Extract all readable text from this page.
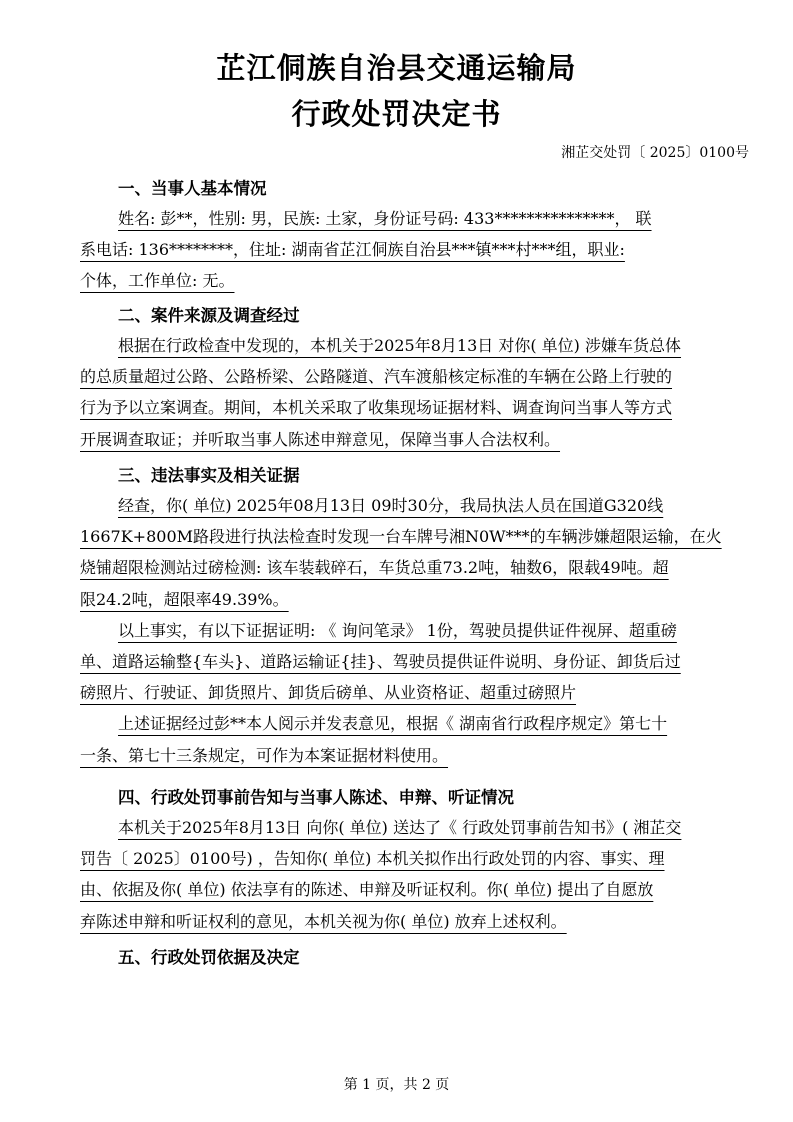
芷江侗族自治县交通运输局
行政处罚决定书
湘芷交处罚〔 2025〕0100号
一、当事人基本情况
姓名: 彭**，性别: 男，民族: 土家，身份证号码: 433***************， 联
系电话: 136********，住址: 湖南省芷江侗族自治县***镇***村***组，职业:
个体，工作单位: 无。
二、案件来源及调查经过
根据在行政检查中发现的，本机关于2025年8月13日 对你( 单位) 涉嫌车货总体
的总质量超过公路、公路桥梁、公路隧道、汽车渡船核定标准的车辆在公路上行驶的
行为予以立案调查。期间，本机关采取了收集现场证据材料、调查询问当事人等方式
开展调查取证；并听取当事人陈述申辩意见，保障当事人合法权利。
三、违法事实及相关证据
经查，你( 单位) 2025年08月13日 09时30分，我局执法人员在国道G320线
1667K+800M路段进行执法检查时发现一台车牌号湘N0W***的车辆涉嫌超限运输，在火
烧铺超限检测站过磅检测: 该车装载碎石，车货总重73.2吨，轴数6，限载49吨。超
限24.2吨，超限率49.39%。
以上事实，有以下证据证明: 《 询问笔录》 1份，驾驶员提供证件视屏、超重磅
单、道路运输整{车头}、道路运输证{挂}、驾驶员提供证件说明、身份证、卸货后过
磅照片、行驶证、卸货照片、卸货后磅单、从业资格证、超重过磅照片
上述证据经过彭**本人阅示并发表意见，根据《 湖南省行政程序规定》第七十
一条、第七十三条规定，可作为本案证据材料使用。
四、行政处罚事前告知与当事人陈述、申辩、听证情况
本机关于2025年8月13日 向你( 单位) 送达了《 行政处罚事前告知书》( 湘芷交
罚告〔 2025〕0100号) ，告知你( 单位) 本机关拟作出行政处罚的内容、事实、理
由、依据及你( 单位) 依法享有的陈述、申辩及听证权利。你( 单位) 提出了自愿放
弃陈述申辩和听证权利的意见，本机关视为你( 单位) 放弃上述权利。
五、行政处罚依据及决定
第 1 页，共 2 页
